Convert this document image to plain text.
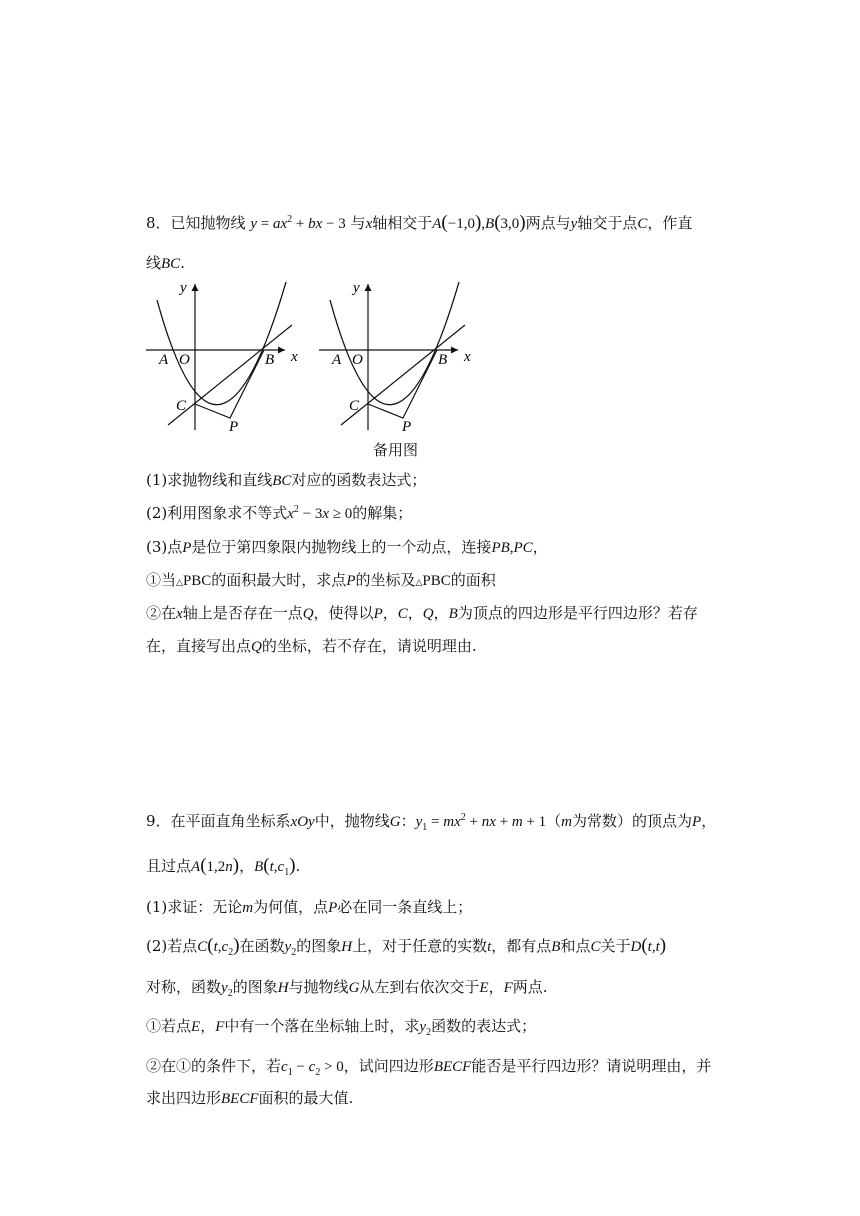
8．已知抛物线 $y = ax^2$ + bx − 3 与x轴相交于A(−1,0),B(3,0)两点与y轴交于点C，作直
线BC.
y
x
A O	B
C
P
y
x
A O	B
C
P
备用图
(1)求抛物线和直线BC对应的函数表达式；
(2)利用图象求不等式$x^2 - 3x \ge 0$的解集；
(3)点P是位于第四象限内抛物线上的一个动点，连接PB,PC，
①当△PBC的面积最大时，求点P的坐标及△PBC的面积
②在x轴上是否存在一点Q，使得以P，C，Q，B为顶点的四边形是平行四边形？若存
在，直接写出点Q的坐标，若不存在，请说明理由.
9．在平面直角坐标系xOy中，抛物线G：$y_1 = mx^2$ + nx + m + 1（m为常数）的顶点为P，
且过点A(1,2n)，$B(t,c_1)$.
(1)求证：无论m为何值，点P必在同一条直线上；
(2)若点$C(t,c_2)$在函数$y_2$的图象H上，对于任意的实数t，都有点B和点C关于D(t,t)
对称，函数$y_2$的图象H与抛物线G从左到右依次交于E，F两点.
①若点E，F中有一个落在坐标轴上时，求$y_2$函数的表达式；
②在①的条件下，若$c_1 - c_2 > 0$，试问四边形BECF能否是平行四边形？请说明理由，并
求出四边形BECF面积的最大值.
